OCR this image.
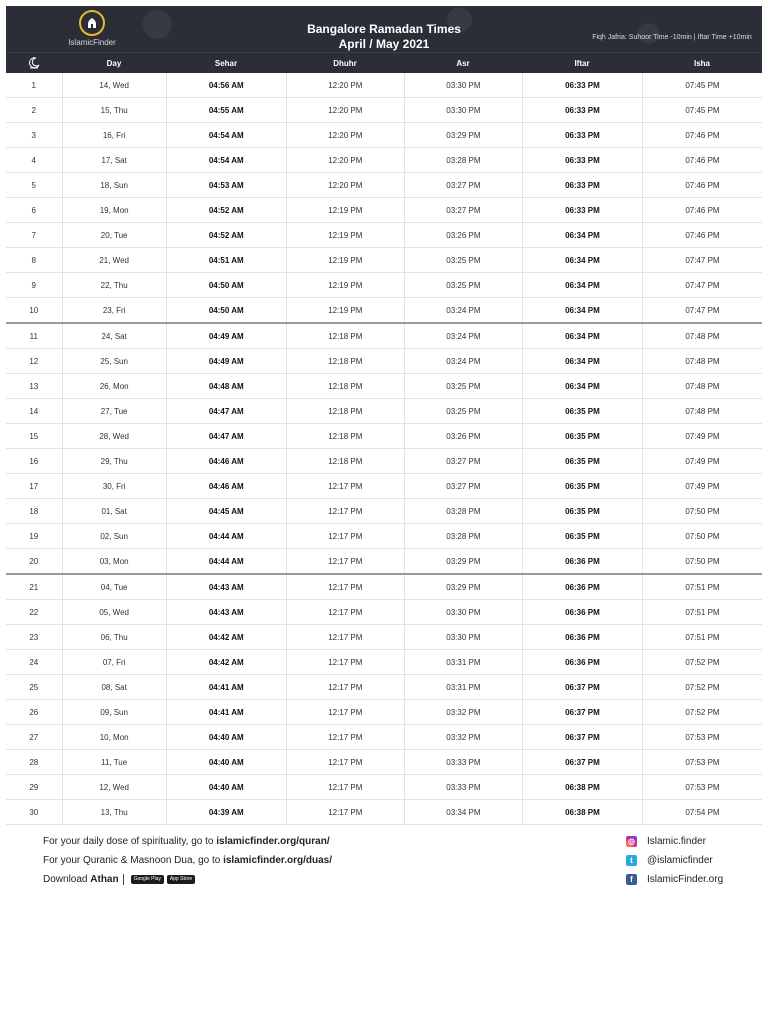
IslamicFinder
Bangalore Ramadan Times
April / May 2021	Fiqh Jafria: Suhoor Time -10min | Iftar Time +10min
Day	Sehar	Dhuhr	Asr	Iftar	Isha
1	14, Wed	04:56 AM	12:20 PM	03:30 PM	06:33 PM	07:45 PM
2	15, Thu	04:55 AM	12:20 PM	03:30 PM	06:33 PM	07:45 PM
3	16, Fri	04:54 AM	12:20 PM	03:29 PM	06:33 PM	07:46 PM
4	17, Sat	04:54 AM	12:20 PM	03:28 PM	06:33 PM	07:46 PM
5	18, Sun	04:53 AM	12:20 PM	03:27 PM	06:33 PM	07:46 PM
6	19, Mon	04:52 AM	12:19 PM	03:27 PM	06:33 PM	07:46 PM
7	20, Tue	04:52 AM	12:19 PM	03:26 PM	06:34 PM	07:46 PM
8	21, Wed	04:51 AM	12:19 PM	03:25 PM	06:34 PM	07:47 PM
9	22, Thu	04:50 AM	12:19 PM	03:25 PM	06:34 PM	07:47 PM
10	23, Fri	04:50 AM	12:19 PM	03:24 PM	06:34 PM	07:47 PM
11	24, Sat	04:49 AM	12:18 PM	03:24 PM	06:34 PM	07:48 PM
12	25, Sun	04:49 AM	12:18 PM	03:24 PM	06:34 PM	07:48 PM
13	26, Mon	04:48 AM	12:18 PM	03:25 PM	06:34 PM	07:48 PM
14	27, Tue	04:47 AM	12:18 PM	03:25 PM	06:35 PM	07:48 PM
15	28, Wed	04:47 AM	12:18 PM	03:26 PM	06:35 PM	07:49 PM
16	29, Thu	04:46 AM	12:18 PM	03:27 PM	06:35 PM	07:49 PM
17	30, Fri	04:46 AM	12:17 PM	03:27 PM	06:35 PM	07:49 PM
18	01, Sat	04:45 AM	12:17 PM	03:28 PM	06:35 PM	07:50 PM
19	02, Sun	04:44 AM	12:17 PM	03:28 PM	06:35 PM	07:50 PM
20	03, Mon	04:44 AM	12:17 PM	03:29 PM	06:36 PM	07:50 PM
21	04, Tue	04:43 AM	12:17 PM	03:29 PM	06:36 PM	07:51 PM
22	05, Wed	04:43 AM	12:17 PM	03:30 PM	06:36 PM	07:51 PM
23	06, Thu	04:42 AM	12:17 PM	03:30 PM	06:36 PM	07:51 PM
24	07, Fri	04:42 AM	12:17 PM	03:31 PM	06:36 PM	07:52 PM
25	08, Sat	04:41 AM	12:17 PM	03:31 PM	06:37 PM	07:52 PM
26	09, Sun	04:41 AM	12:17 PM	03:32 PM	06:37 PM	07:52 PM
27	10, Mon	04:40 AM	12:17 PM	03:32 PM	06:37 PM	07:53 PM
28	11, Tue	04:40 AM	12:17 PM	03:33 PM	06:37 PM	07:53 PM
29	12, Wed	04:40 AM	12:17 PM	03:33 PM	06:38 PM	07:53 PM
30	13, Thu	04:39 AM	12:17 PM	03:34 PM	06:38 PM	07:54 PM
For your daily dose of spirituality, go to islamicfinder.org/quran/
For your Quranic & Masnoon Dua, go to islamicfinder.org/duas/
Download Athan	Google Play App Store
◎ Islamic.finder
t	@islamicfinder
f	IslamicFinder.org
